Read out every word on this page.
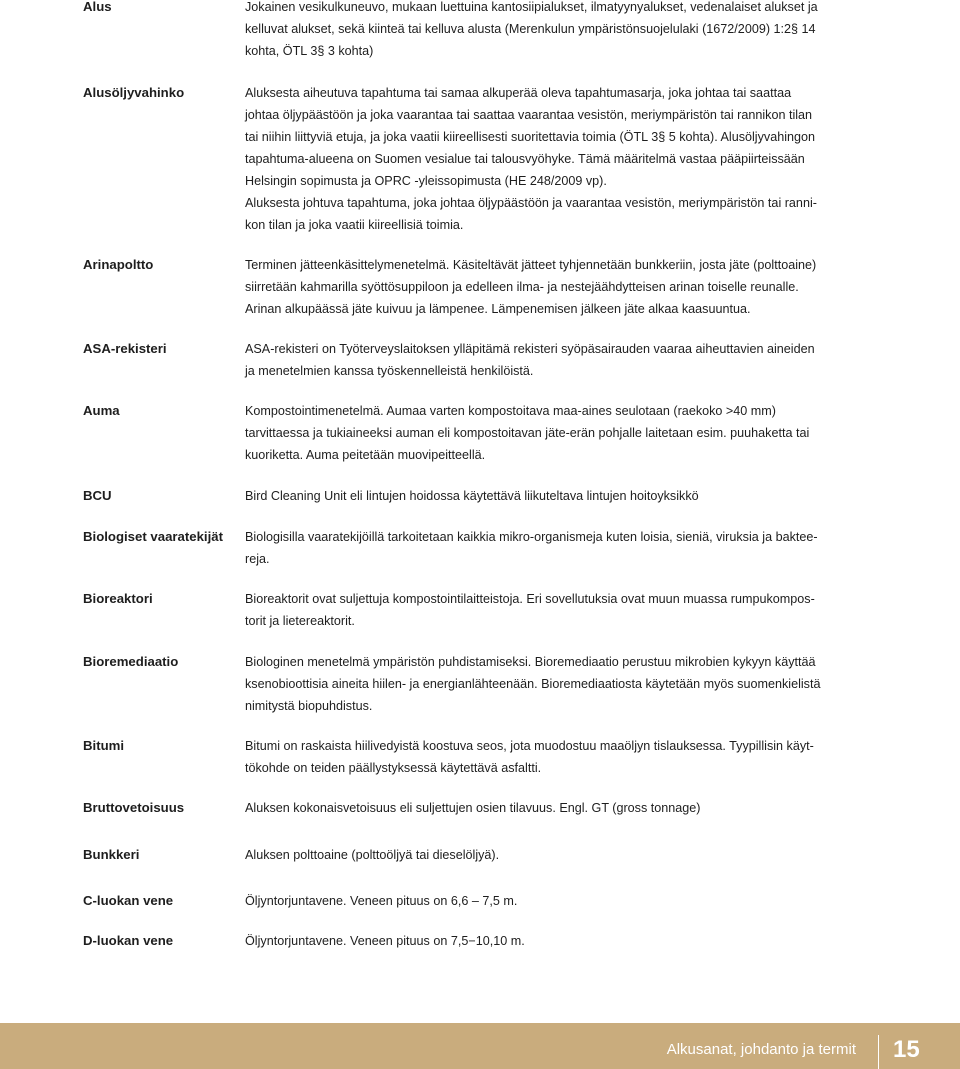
Alus	Jokainen vesikulkuneuvo, mukaan luettuina kantosiipialukset, ilmatyynyalukset, vedenalaiset alukset ja
kelluvat alukset, sekä kiinteä tai kelluva alusta (Merenkulun ympäristönsuojelulaki (1672/2009) 1:2§ 14
kohta, ÖTL 3§ 3 kohta)
Alusöljyvahinko	Aluksesta aiheutuva tapahtuma tai samaa alkuperää oleva tapahtumasarja, joka johtaa tai saattaa
johtaa öljypäästöön ja joka vaarantaa tai saattaa vaarantaa vesistön, meriympäristön tai rannikon tilan
tai niihin liittyviä etuja, ja joka vaatii kiireellisesti suoritettavia toimia (ÖTL 3§ 5 kohta). Alusöljyvahingon
tapahtuma-alueena on Suomen vesialue tai talousvyöhyke. Tämä määritelmä vastaa pääpiirteissään
Helsingin sopimusta ja OPRC -yleissopimusta (HE 248/2009 vp).
Aluksesta johtuva tapahtuma, joka johtaa öljypäästöön ja vaarantaa vesistön, meriympäristön tai ranni-
kon tilan ja joka vaatii kiireellisiä toimia.
Arinapoltto	Terminen jätteenkäsittelymenetelmä. Käsiteltävät jätteet tyhjennetään bunkkeriin, josta jäte (polttoaine)
siirretään kahmarilla syöttösuppiloon ja edelleen ilma- ja nestejäähdytteisen arinan toiselle reunalle.
Arinan alkupäässä jäte kuivuu ja lämpenee. Lämpenemisen jälkeen jäte alkaa kaasuuntua.
ASA-rekisteri	ASA-rekisteri on Työterveyslaitoksen ylläpitämä rekisteri syöpäsairauden vaaraa aiheuttavien aineiden
ja menetelmien kanssa työskennelleistä henkilöistä.
Auma	Kompostointimenetelmä. Aumaa varten kompostoitava maa-aines seulotaan (raekoko >40 mm)
tarvittaessa ja tukiaineeksi auman eli kompostoitavan jäte-erän pohjalle laitetaan esim. puuhaketta tai
kuoriketta. Auma peitetään muovipeitteellä.
BCU	Bird Cleaning Unit eli lintujen hoidossa käytettävä liikuteltava lintujen hoitoyksikkö
Biologiset vaaratekijät	Biologisilla vaaratekijöillä tarkoitetaan kaikkia mikro-organismeja kuten loisia, sieniä, viruksia ja baktee-
reja.
Bioreaktori	Bioreaktorit ovat suljettuja kompostointilaitteistoja. Eri sovellutuksia ovat muun muassa rumpukompos-
torit ja lietereaktorit.
Bioremediaatio	Biologinen menetelmä ympäristön puhdistamiseksi. Bioremediaatio perustuu mikrobien kykyyn käyttää
ksenobioottisia aineita hiilen- ja energianlähteenään. Bioremediaatiosta käytetään myös suomenkielistä
nimitystä biopuhdistus.
Bitumi	Bitumi on raskaista hiilivedyistä koostuva seos, jota muodostuu maaöljyn tislauksessa. Tyypillisin käyt-
tökohde on teiden päällystyksessä käytettävä asfaltti.
Bruttovetoisuus	Aluksen kokonaisvetoisuus eli suljettujen osien tilavuus. Engl. GT (gross tonnage)
Bunkkeri	Aluksen polttoaine (polttoöljyä tai dieselöljyä).
C-luokan vene	Öljyntorjuntavene. Veneen pituus on 6,6 – 7,5 m.
D-luokan vene	Öljyntorjuntavene. Veneen pituus on 7,5−10,10 m.
Alkusanat, johdanto ja termit 15
